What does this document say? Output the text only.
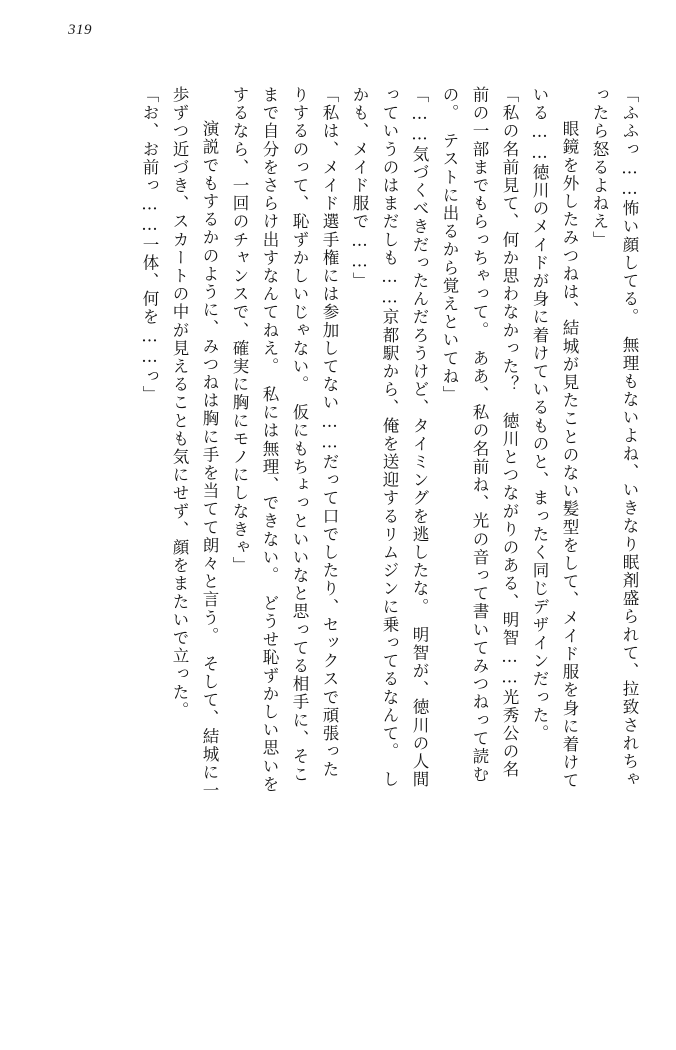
319
「ふふっ……怖い顔してる。　無理もないよね、いきなり眠剤盛られて、拉致されちゃ
ったら怒るよねえ」
　眼鏡を外したみつねは、結城が見たことのない髪型をして、メイド服を身に着けて
いる……徳川のメイドが身に着けているものと、まったく同じデザインだった。
「私の名前見て、何か思わなかった？　徳川とつながりのある、明智……光秀公の名
前の一部までもらっちゃって。　ああ、私の名前ね、光の音って書いてみつねって読む
の。　テストに出るから覚えといてね」
「……気づくべきだったんだろうけど、タイミングを逃したな。　明智が、徳川の人間
っていうのはまだしも……京都駅から、俺を送迎するリムジンに乗ってるなんて。　し
かも、メイド服で……」
「私は、メイド選手権には参加してない……だって口でしたり、セックスで頑張った
りするのって、恥ずかしいじゃない。　仮にもちょっといいなと思ってる相手に、そこ
まで自分をさらけ出すなんてねえ。　私には無理、できない。　どうせ恥ずかしい思いを
するなら、一回のチャンスで、確実に胸にモノにしなきゃ」
　演説でもするかのように、みつねは胸に手を当てて朗々と言う。　そして、結城に一
歩ずつ近づき、スカートの中が見えることも気にせず、顔をまたいで立った。
「お、お前っ……一体、何を……っ」
